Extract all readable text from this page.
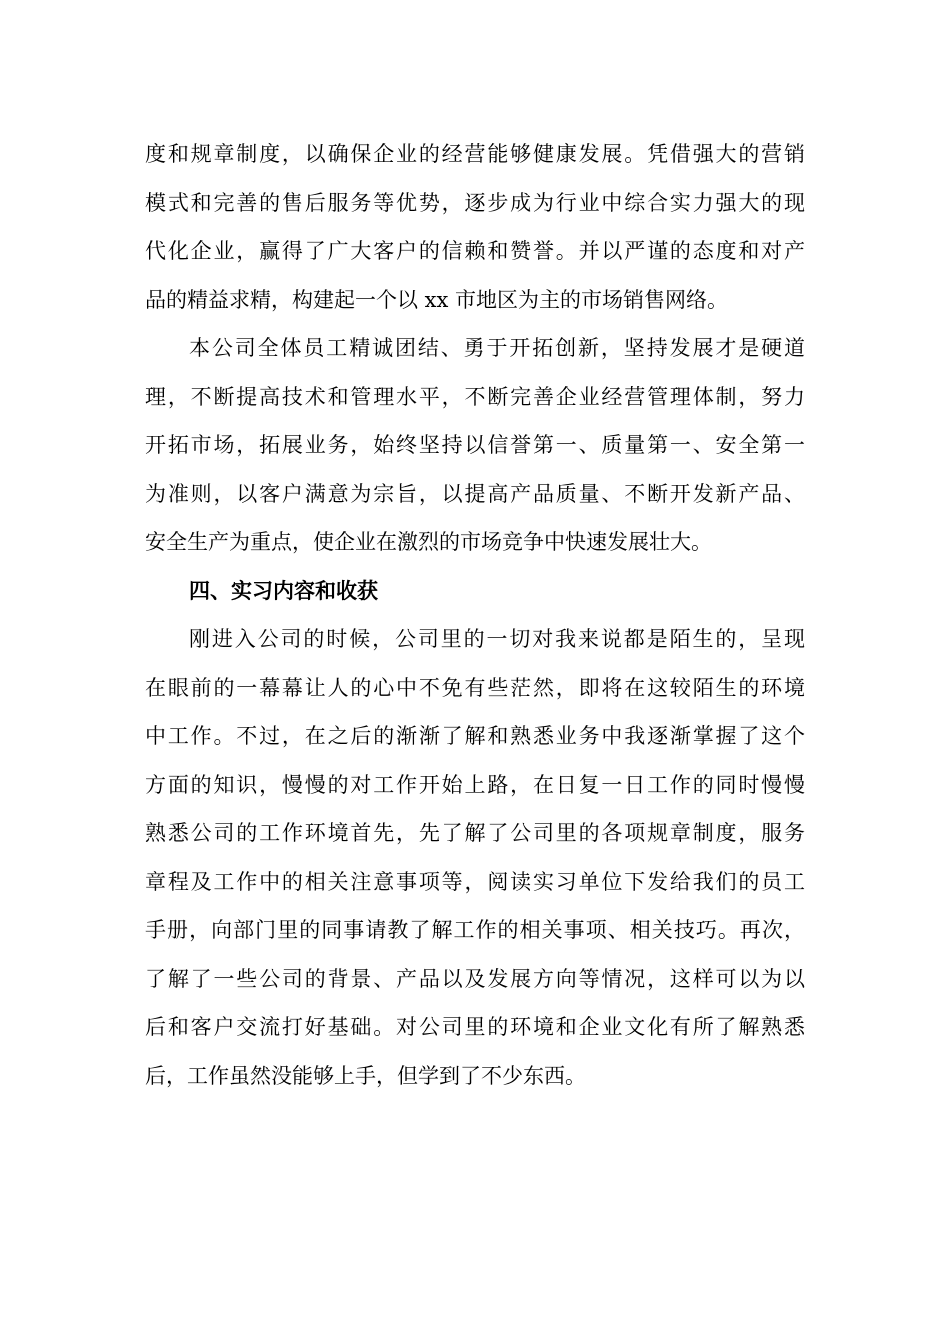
度和规章制度，以确保企业的经营能够健康发展。凭借强大的营销
模式和完善的售后服务等优势，逐步成为行业中综合实力强大的现
代化企业，赢得了广大客户的信赖和赞誉。并以严谨的态度和对产
品的精益求精，构建起一个以 xx 市地区为主的市场销售网络。
本公司全体员工精诚团结、勇于开拓创新，坚持发展才是硬道
理，不断提高技术和管理水平，不断完善企业经营管理体制，努力
开拓市场，拓展业务，始终坚持以信誉第一、质量第一、安全第一
为准则，以客户满意为宗旨，以提高产品质量、不断开发新产品、
安全生产为重点，使企业在激烈的市场竞争中快速发展壮大。
四、实习内容和收获
刚进入公司的时候，公司里的一切对我来说都是陌生的，呈现
在眼前的一幕幕让人的心中不免有些茫然，即将在这较陌生的环境
中工作。不过，在之后的渐渐了解和熟悉业务中我逐渐掌握了这个
方面的知识，慢慢的对工作开始上路，在日复一日工作的同时慢慢
熟悉公司的工作环境首先，先了解了公司里的各项规章制度，服务
章程及工作中的相关注意事项等，阅读实习单位下发给我们的员工
手册，向部门里的同事请教了解工作的相关事项、相关技巧。再次，
了解了一些公司的背景、产品以及发展方向等情况，这样可以为以
后和客户交流打好基础。对公司里的环境和企业文化有所了解熟悉
后，工作虽然没能够上手，但学到了不少东西。
